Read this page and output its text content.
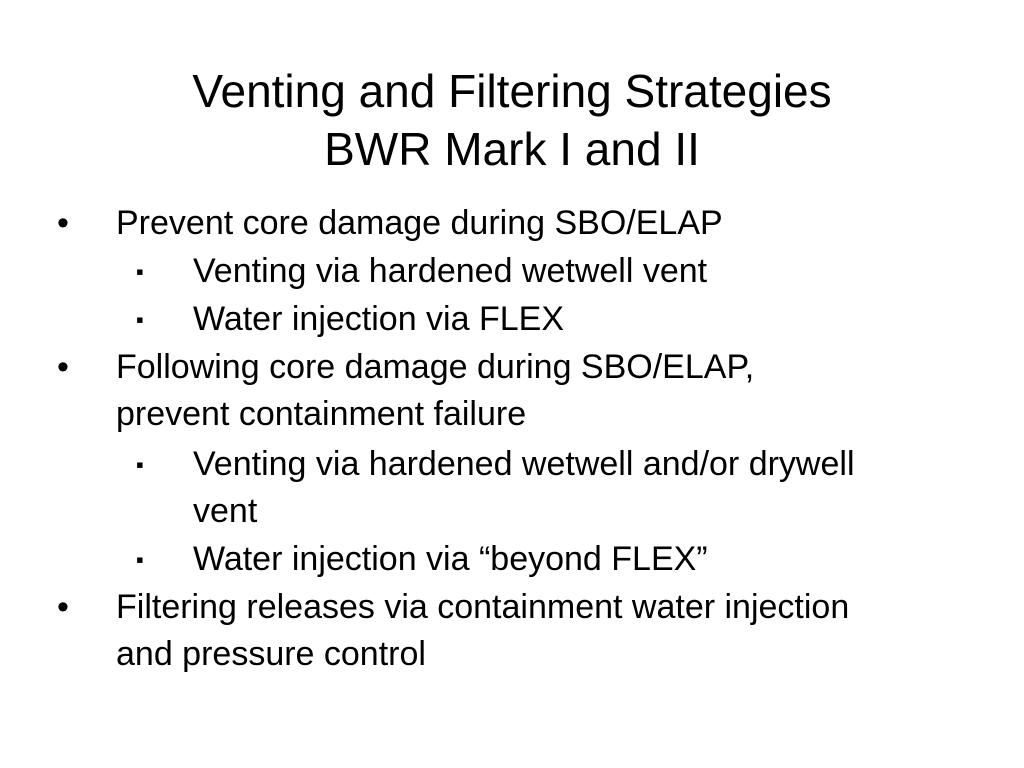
Venting and Filtering Strategies
BWR Mark I and II
• Prevent core damage during SBO/ELAP
▪ Venting via hardened wetwell vent
▪ Water injection via FLEX
• Following core damage during SBO/ELAP,
prevent containment failure
▪ Venting via hardened wetwell and/or drywell
vent
▪ Water injection via “beyond FLEX”
• Filtering releases via containment water injection
and pressure control
